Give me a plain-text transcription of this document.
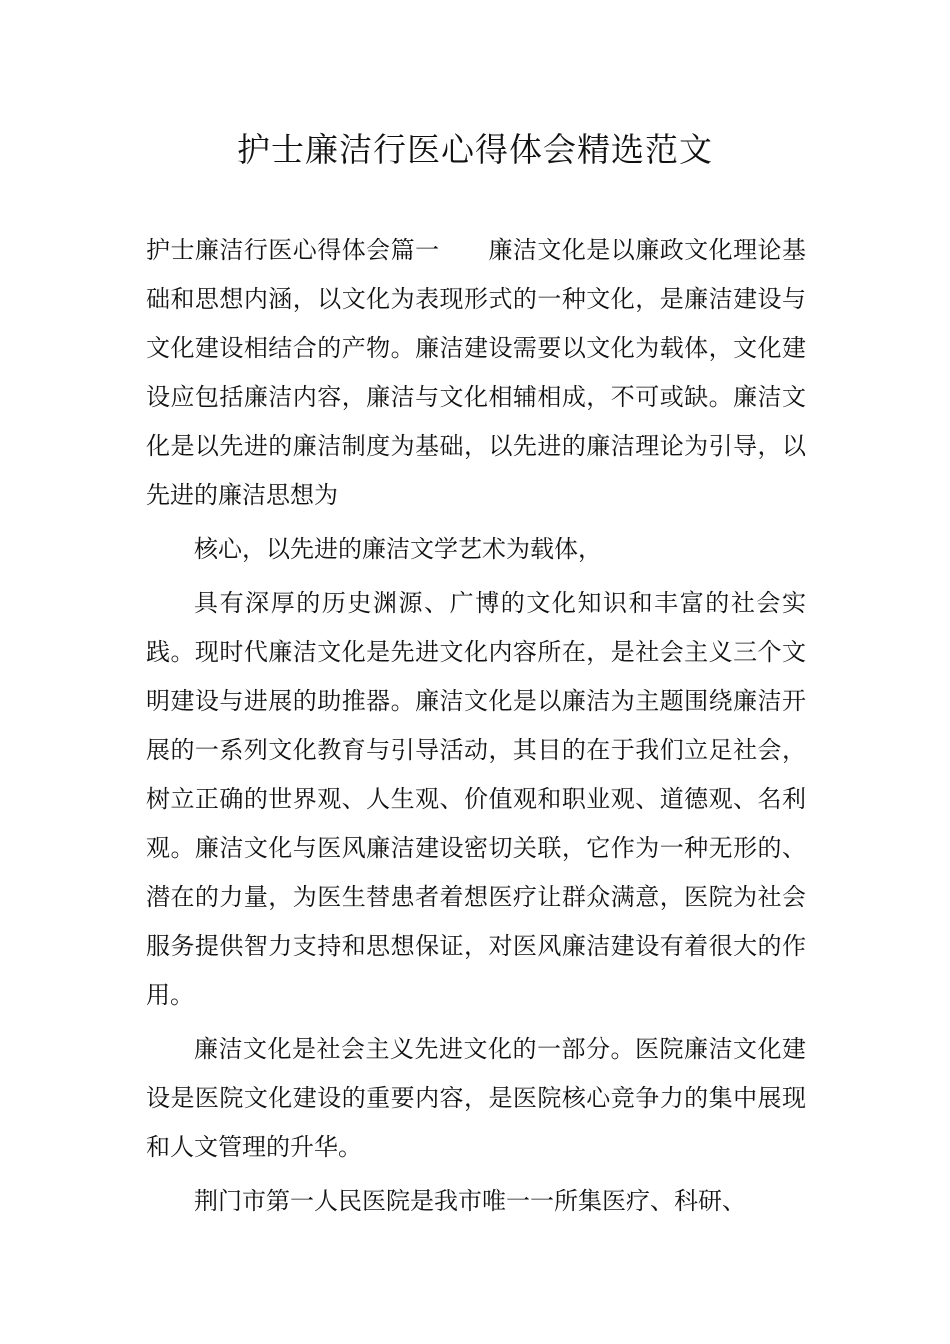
护士廉洁行医心得体会精选范文

护士廉洁行医心得体会篇一　　廉洁文化是以廉政文化理论基础和思想内涵，以文化为表现形式的一种文化，是廉洁建设与文化建设相结合的产物。廉洁建设需要以文化为载体，文化建设应包括廉洁内容，廉洁与文化相辅相成，不可或缺。廉洁文化是以先进的廉洁制度为基础，以先进的廉洁理论为引导，以先进的廉洁思想为

核心，以先进的廉洁文学艺术为载体，

具有深厚的历史渊源、广博的文化知识和丰富的社会实践。现时代廉洁文化是先进文化内容所在，是社会主义三个文明建设与进展的助推器。廉洁文化是以廉洁为主题围绕廉洁开展的一系列文化教育与引导活动，其目的在于我们立足社会，树立正确的世界观、人生观、价值观和职业观、道德观、名利观。廉洁文化与医风廉洁建设密切关联，它作为一种无形的、潜在的力量，为医生替患者着想医疗让群众满意，医院为社会服务提供智力支持和思想保证，对医风廉洁建设有着很大的作用。

廉洁文化是社会主义先进文化的一部分。医院廉洁文化建设是医院文化建设的重要内容，是医院核心竞争力的集中展现和人文管理的升华。

荆门市第一人民医院是我市唯一一所集医疗、科研、
